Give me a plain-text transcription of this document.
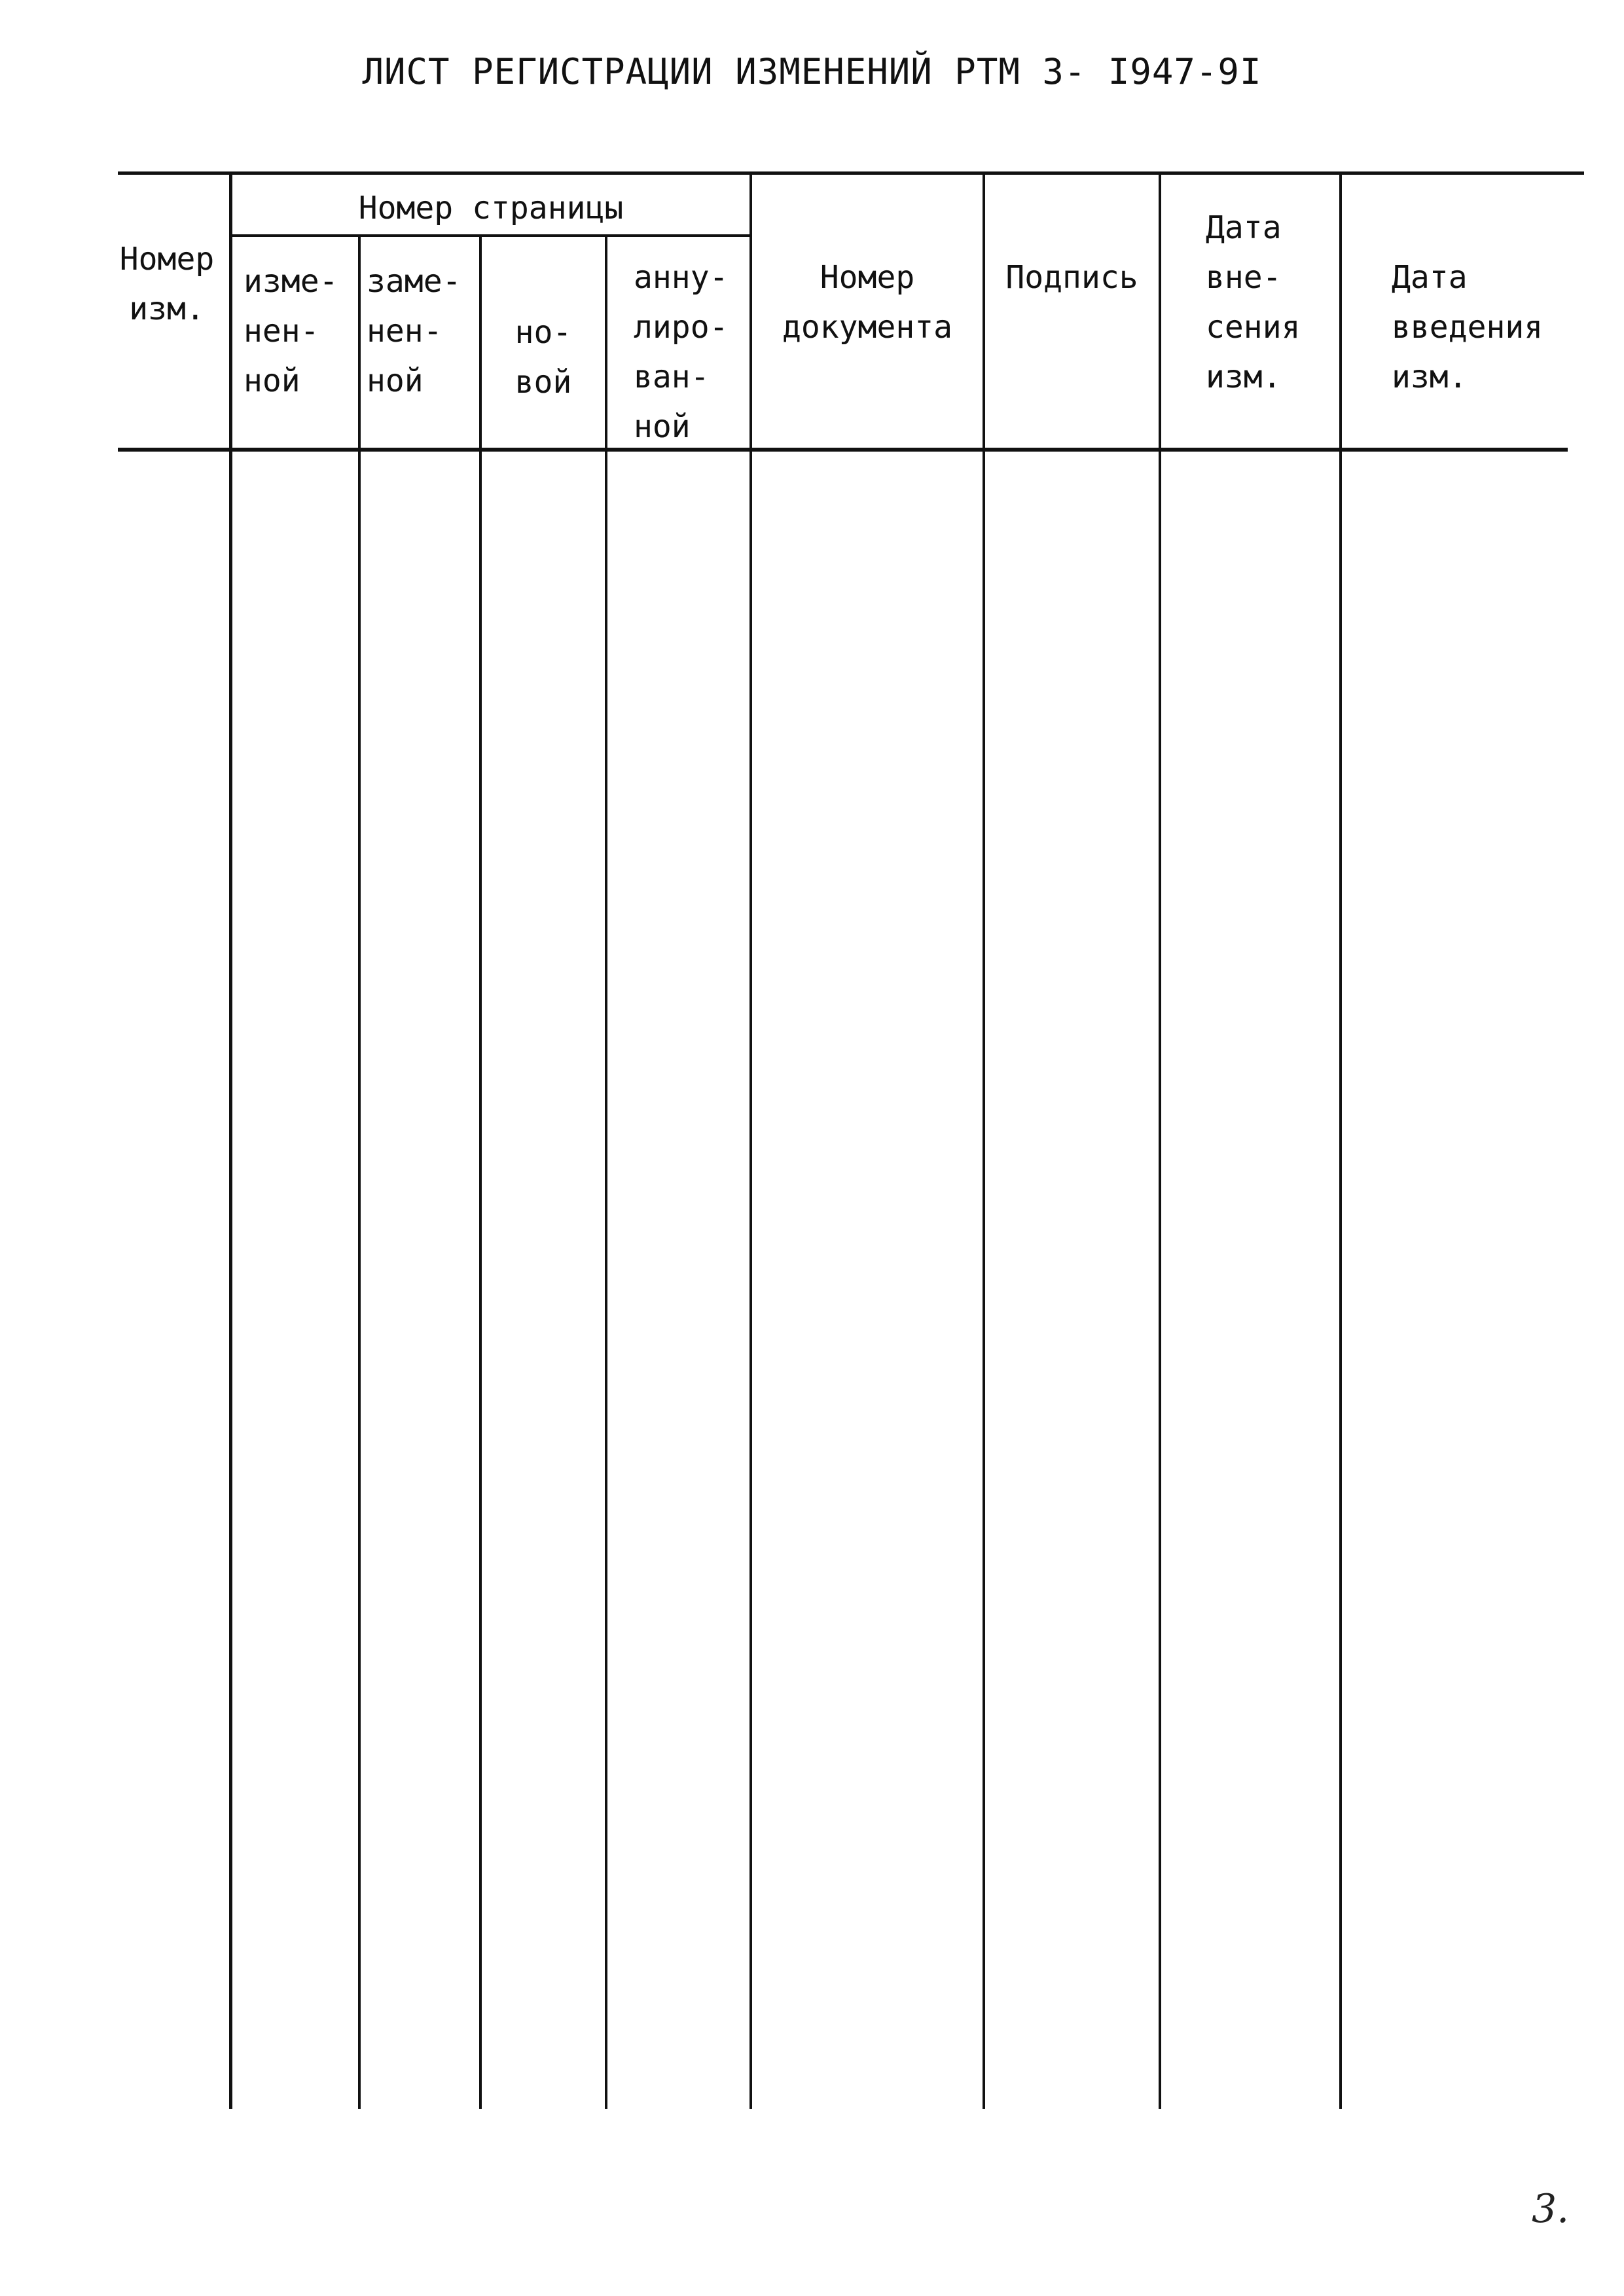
ЛИСТ РЕГИСТРАЦИИ ИЗМЕНЕНИЙ РТМ 3- I947-9I
Номер
изм.
Номер страницы
изме-
нен-
ной
заме-
нен-
ной
но-
вой
анну-
лиро-
ван-
ной
Номер
документа
Подпись
Дата
вне-
сения
изм.
Дата
введения
изм.
3.
